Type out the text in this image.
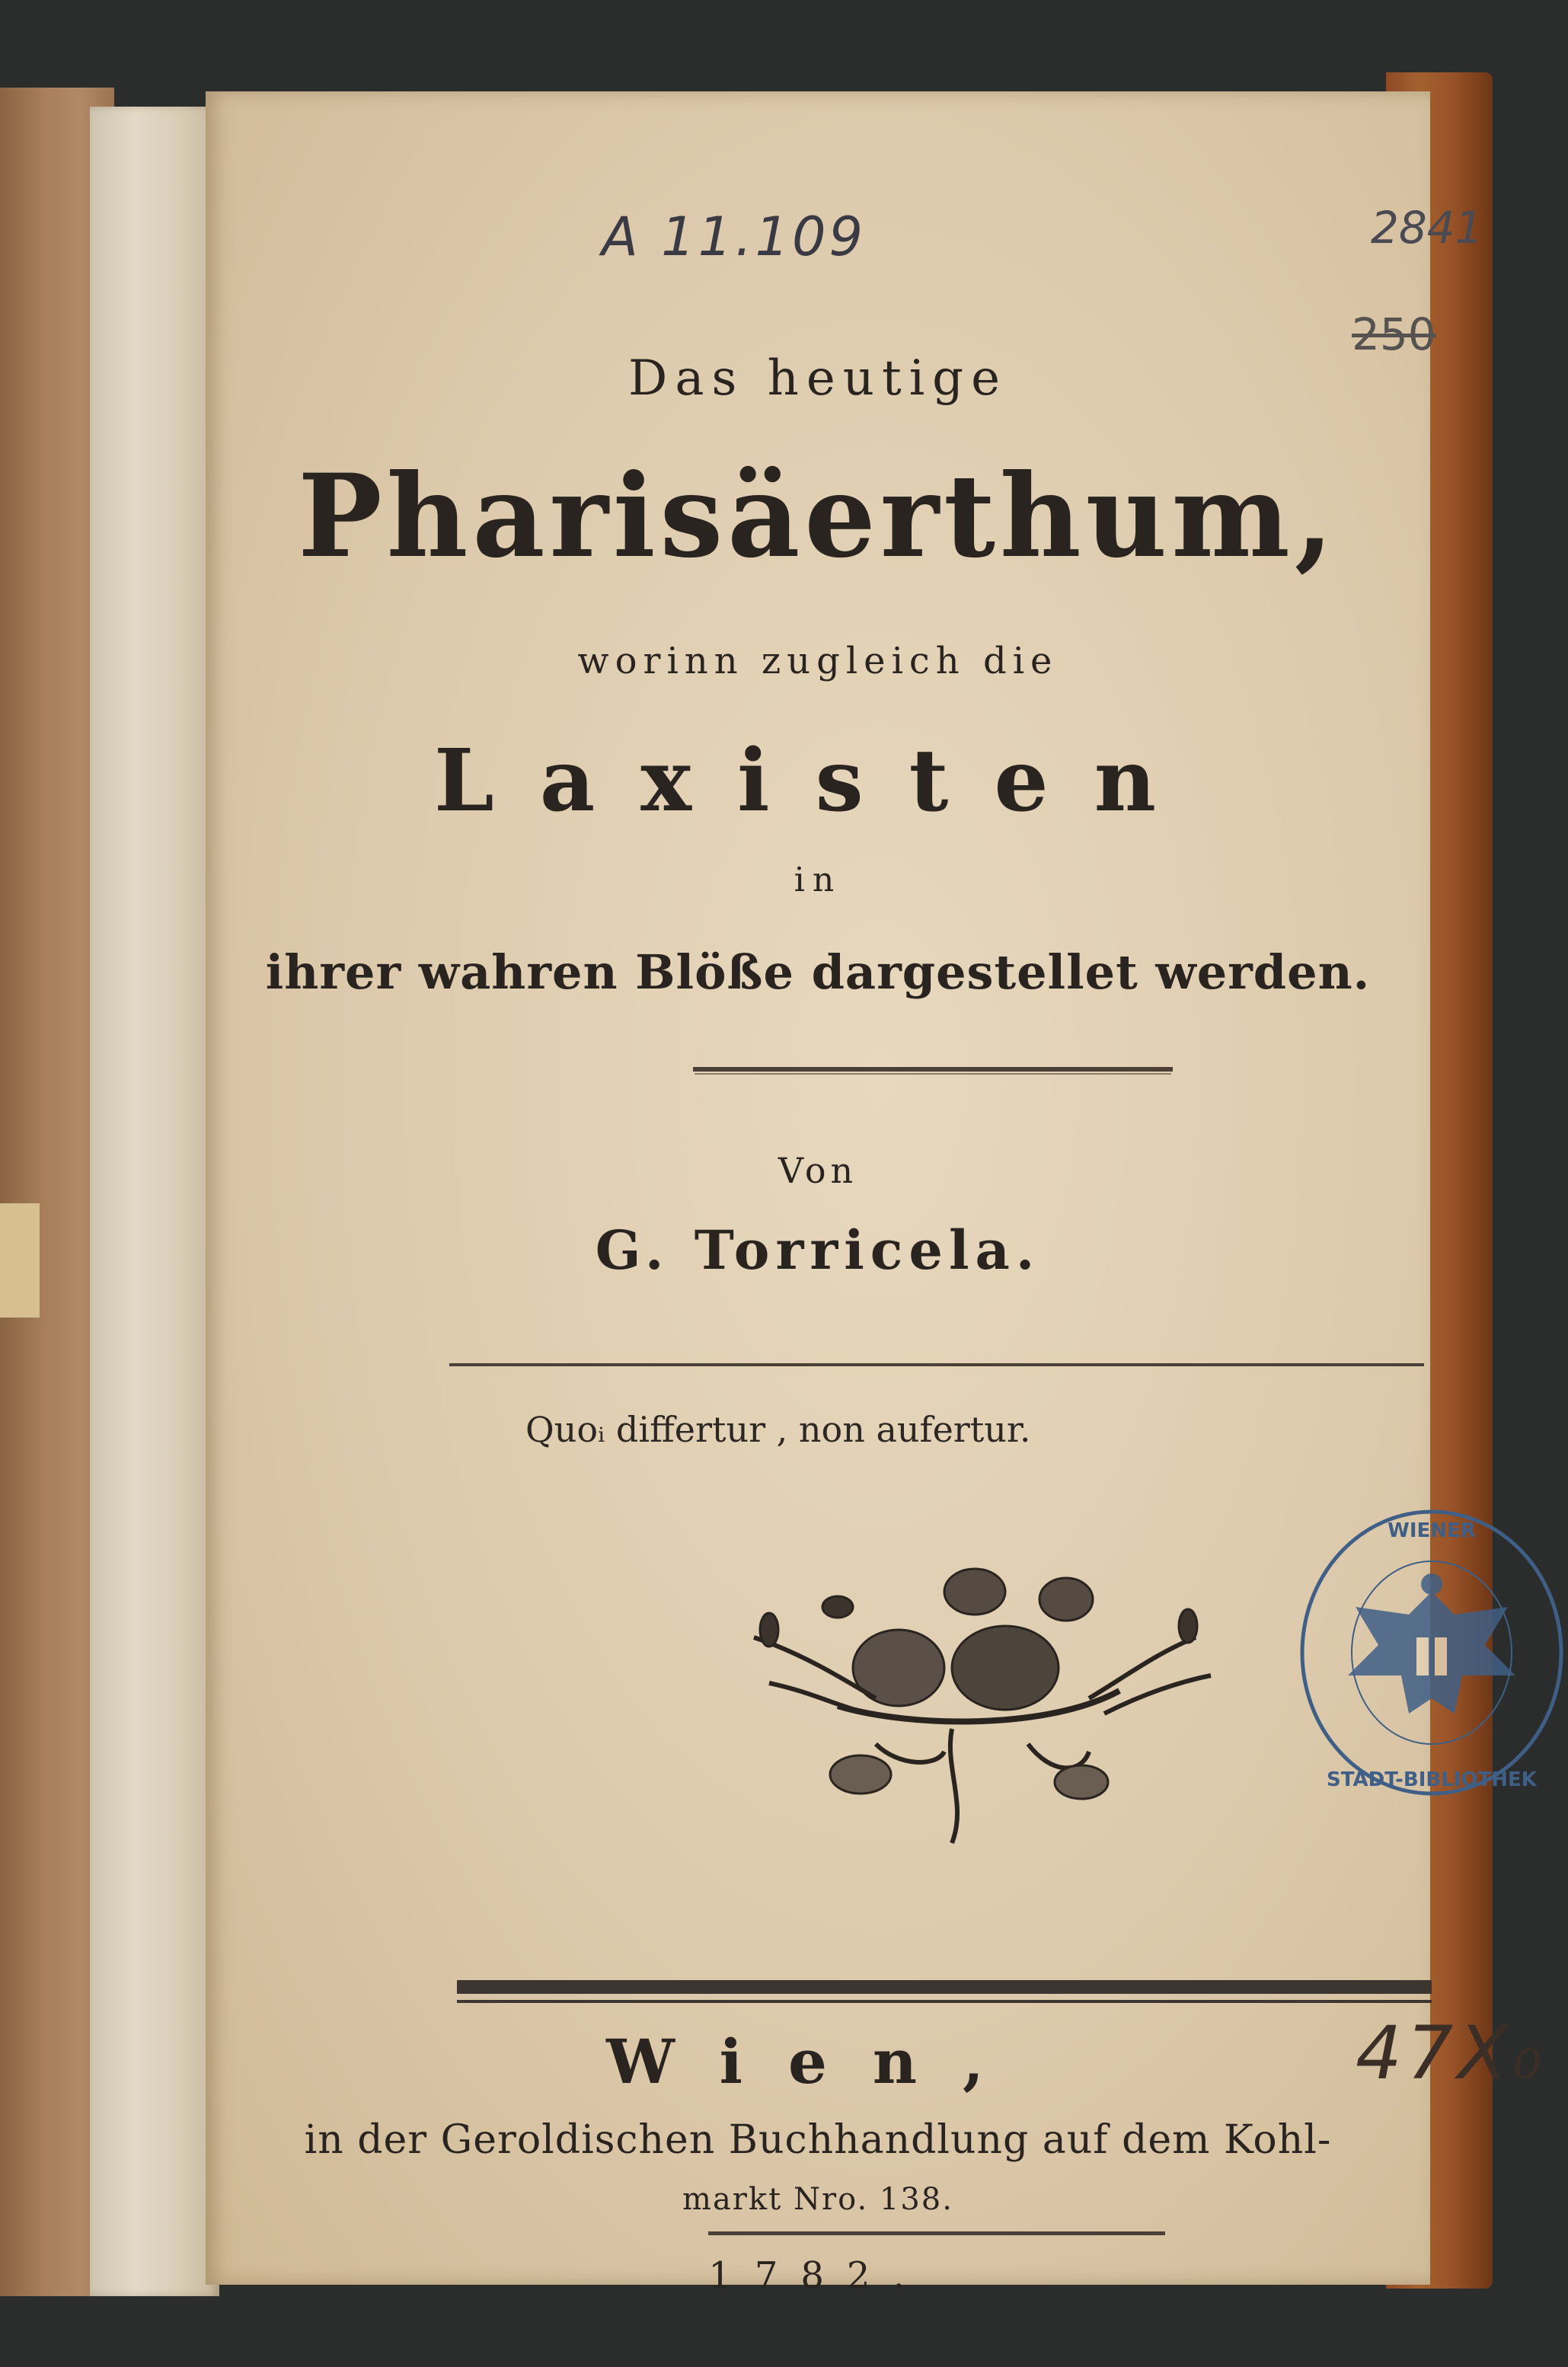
A 11.109	2841
250
Das heutige
Pharisäerthum,
worinn zugleich die
Laxisten
in
ihrer wahren Blöße dargestellet werden.
Von
G. Torricela.
Quoᵢ differtur , non aufertur.
STADT-BIBLIOTHEK
WIENER
Wien,	47X₀
in der Geroldischen Buchhandlung auf dem Kohl-
markt Nro. 138.
1782.
